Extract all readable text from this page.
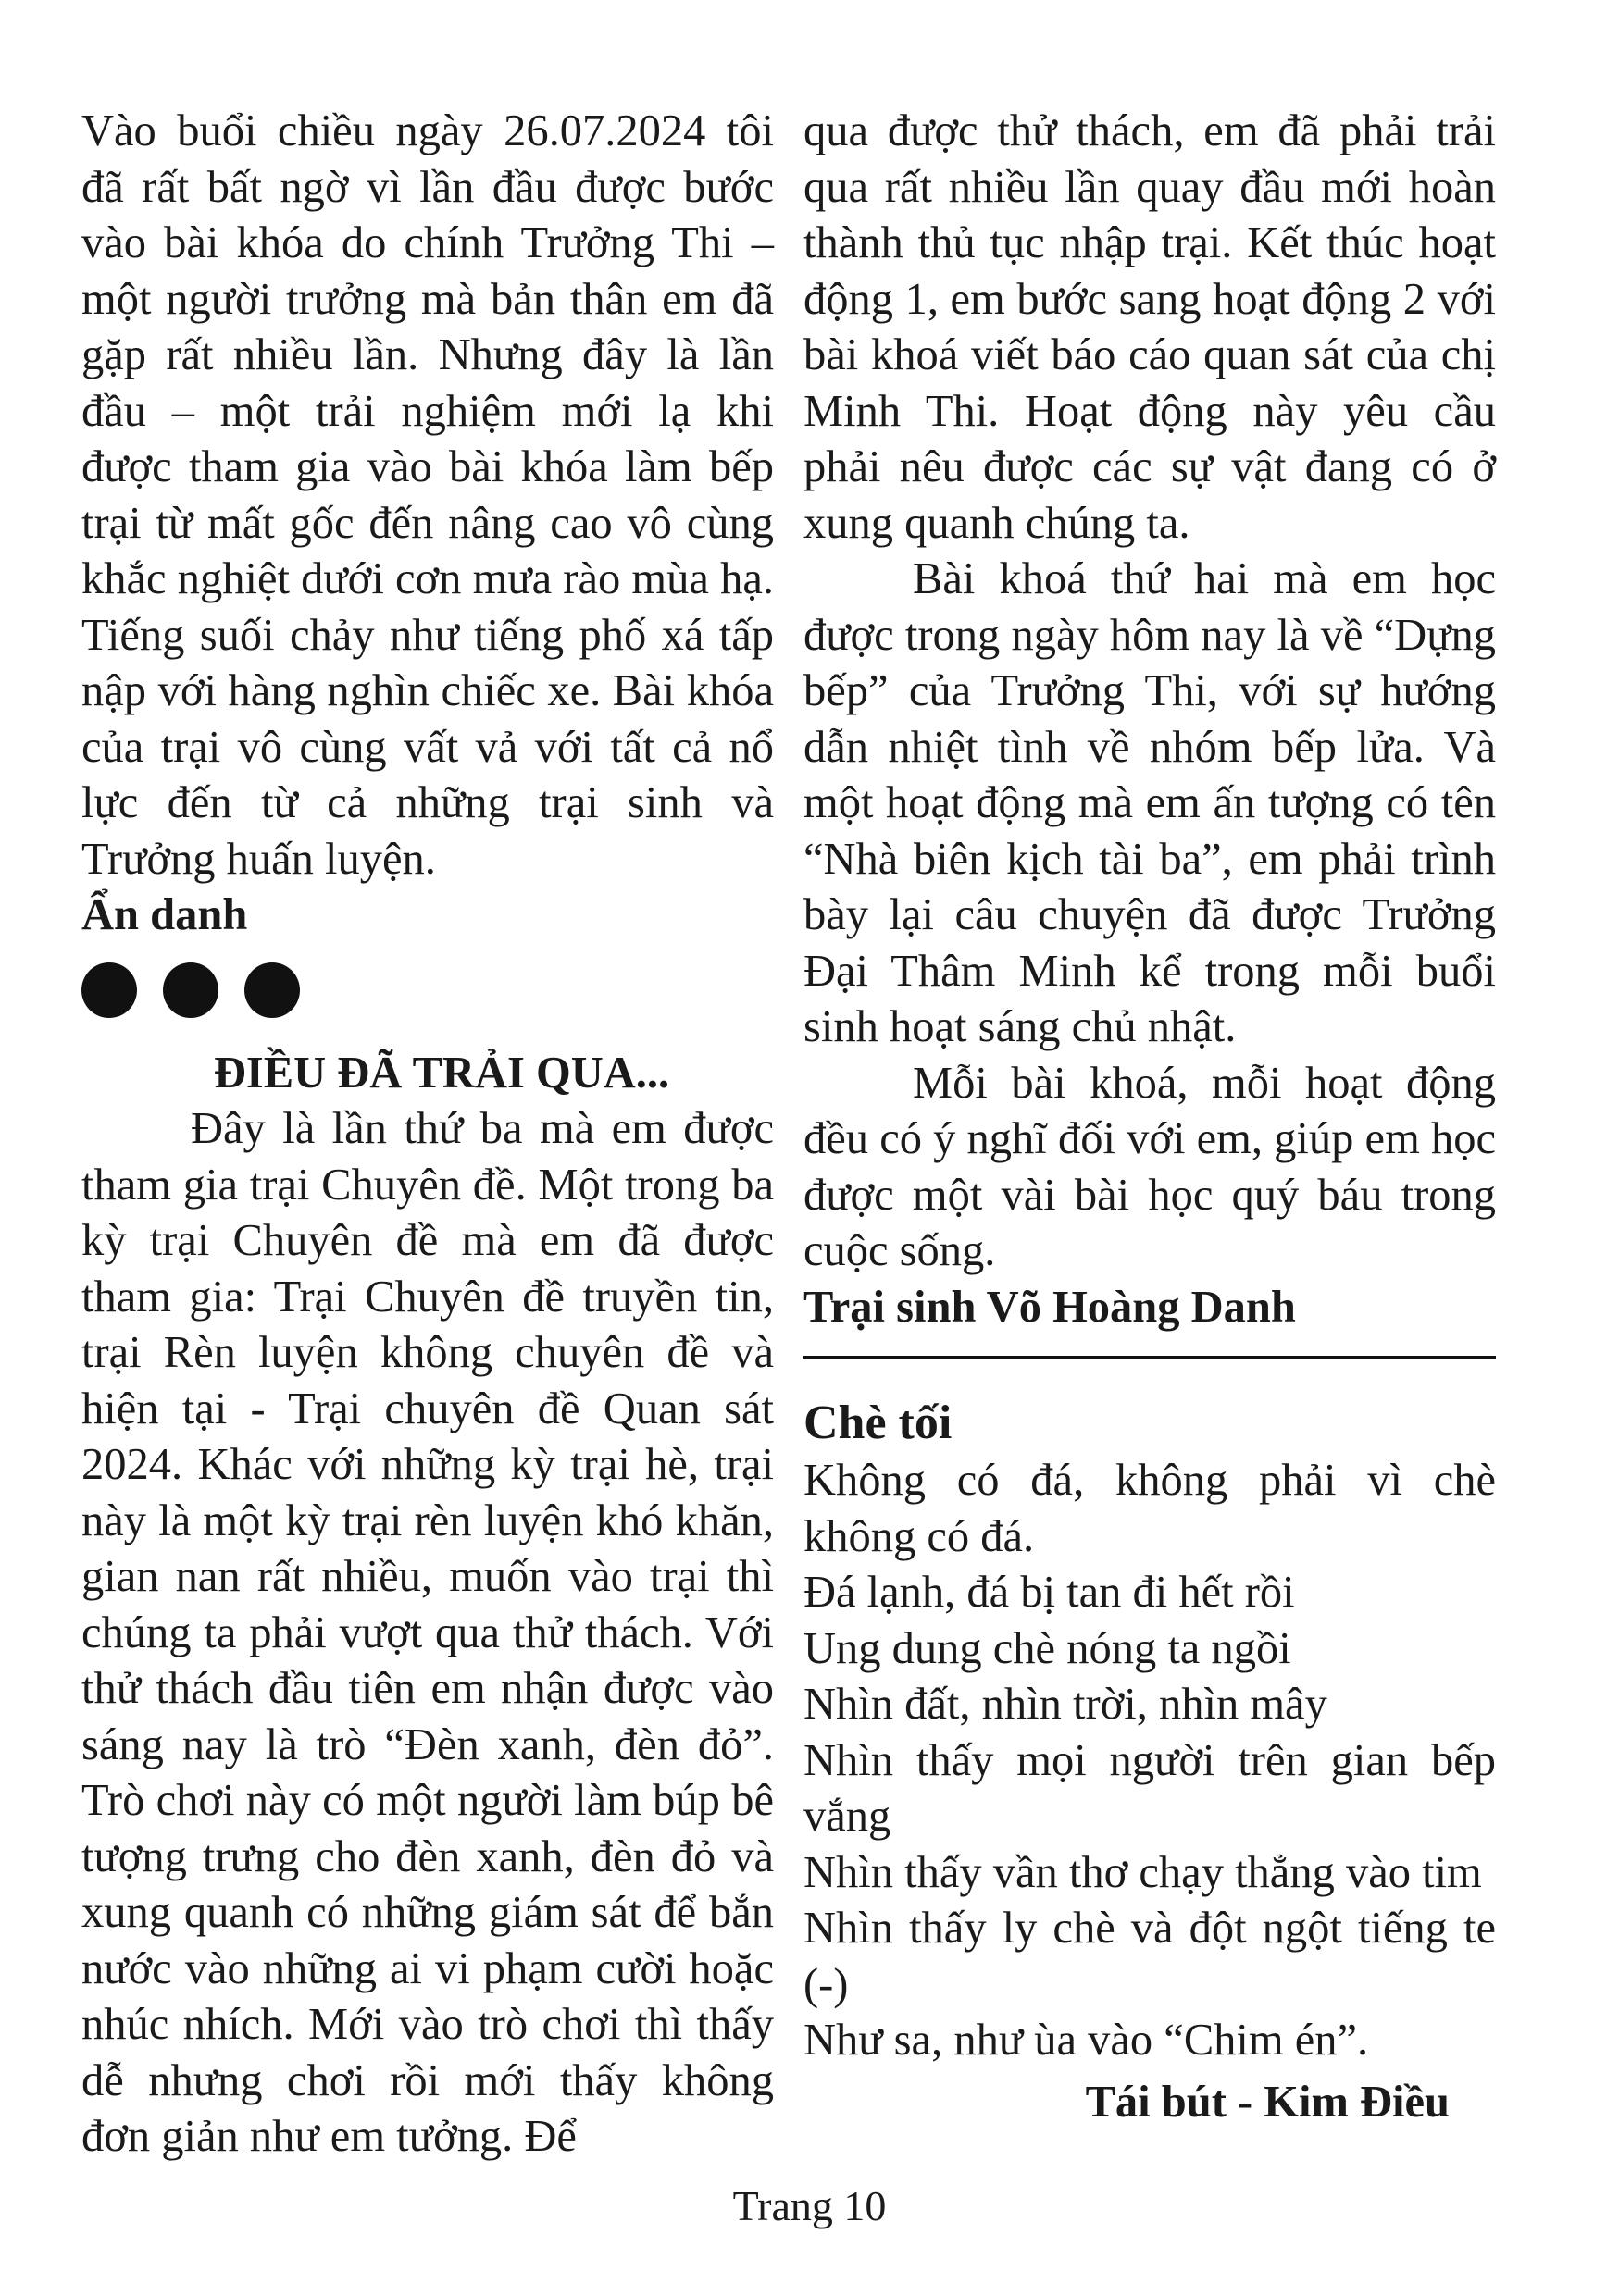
Vào buổi chiều ngày 26.07.2024 tôi đã rất bất ngờ vì lần đầu được bước vào bài khóa do chính Trưởng Thi – một người trưởng mà bản thân em đã gặp rất nhiều lần. Nhưng đây là lần đầu – một trải nghiệm mới lạ khi được tham gia vào bài khóa làm bếp trại từ mất gốc đến nâng cao vô cùng khắc nghiệt dưới cơn mưa rào mùa hạ. Tiếng suối chảy như tiếng phố xá tấp nập với hàng nghìn chiếc xe. Bài khóa của trại vô cùng vất vả với tất cả nổ lực đến từ cả những trại sinh và Trưởng huấn luyện.

Ẩn danh

ĐIỀU ĐÃ TRẢI QUA...

Đây là lần thứ ba mà em được tham gia trại Chuyên đề. Một trong ba kỳ trại Chuyên đề mà em đã được tham gia: Trại Chuyên đề truyền tin, trại Rèn luyện không chuyên đề và hiện tại - Trại chuyên đề Quan sát 2024. Khác với những kỳ trại hè, trại này là một kỳ trại rèn luyện khó khăn, gian nan rất nhiều, muốn vào trại thì chúng ta phải vượt qua thử thách. Với thử thách đầu tiên em nhận được vào sáng nay là trò “Đèn xanh, đèn đỏ”. Trò chơi này có một người làm búp bê tượng trưng cho đèn xanh, đèn đỏ và xung quanh có những giám sát để bắn nước vào những ai vi phạm cười hoặc nhúc nhích. Mới vào trò chơi thì thấy dễ nhưng chơi rồi mới thấy không đơn giản như em tưởng. Để

qua được thử thách, em đã phải trải qua rất nhiều lần quay đầu mới hoàn thành thủ tục nhập trại. Kết thúc hoạt động 1, em bước sang hoạt động 2 với bài khoá viết báo cáo quan sát của chị Minh Thi. Hoạt động này yêu cầu phải nêu được các sự vật đang có ở xung quanh chúng ta.

Bài khoá thứ hai mà em học được trong ngày hôm nay là về “Dựng bếp” của Trưởng Thi, với sự hướng dẫn nhiệt tình về nhóm bếp lửa. Và một hoạt động mà em ấn tượng có tên “Nhà biên kịch tài ba”, em phải trình bày lại câu chuyện đã được Trưởng Đại Thâm Minh kể trong mỗi buổi sinh hoạt sáng chủ nhật.

Mỗi bài khoá, mỗi hoạt động đều có ý nghĩ đối với em, giúp em học được một vài bài học quý báu trong cuộc sống.

Trại sinh Võ Hoàng Danh

Chè tối

Không có đá, không phải vì chè không có đá.

Đá lạnh, đá bị tan đi hết rồi

Ung dung chè nóng ta ngồi

Nhìn đất, nhìn trời, nhìn mây

Nhìn thấy mọi người trên gian bếp vắng

Nhìn thấy vần thơ chạy thẳng vào tim

Nhìn thấy ly chè và đột ngột tiếng te (-)

Như sa, như ùa vào “Chim én”.

Tái bút - Kim Điều

Trang 10
